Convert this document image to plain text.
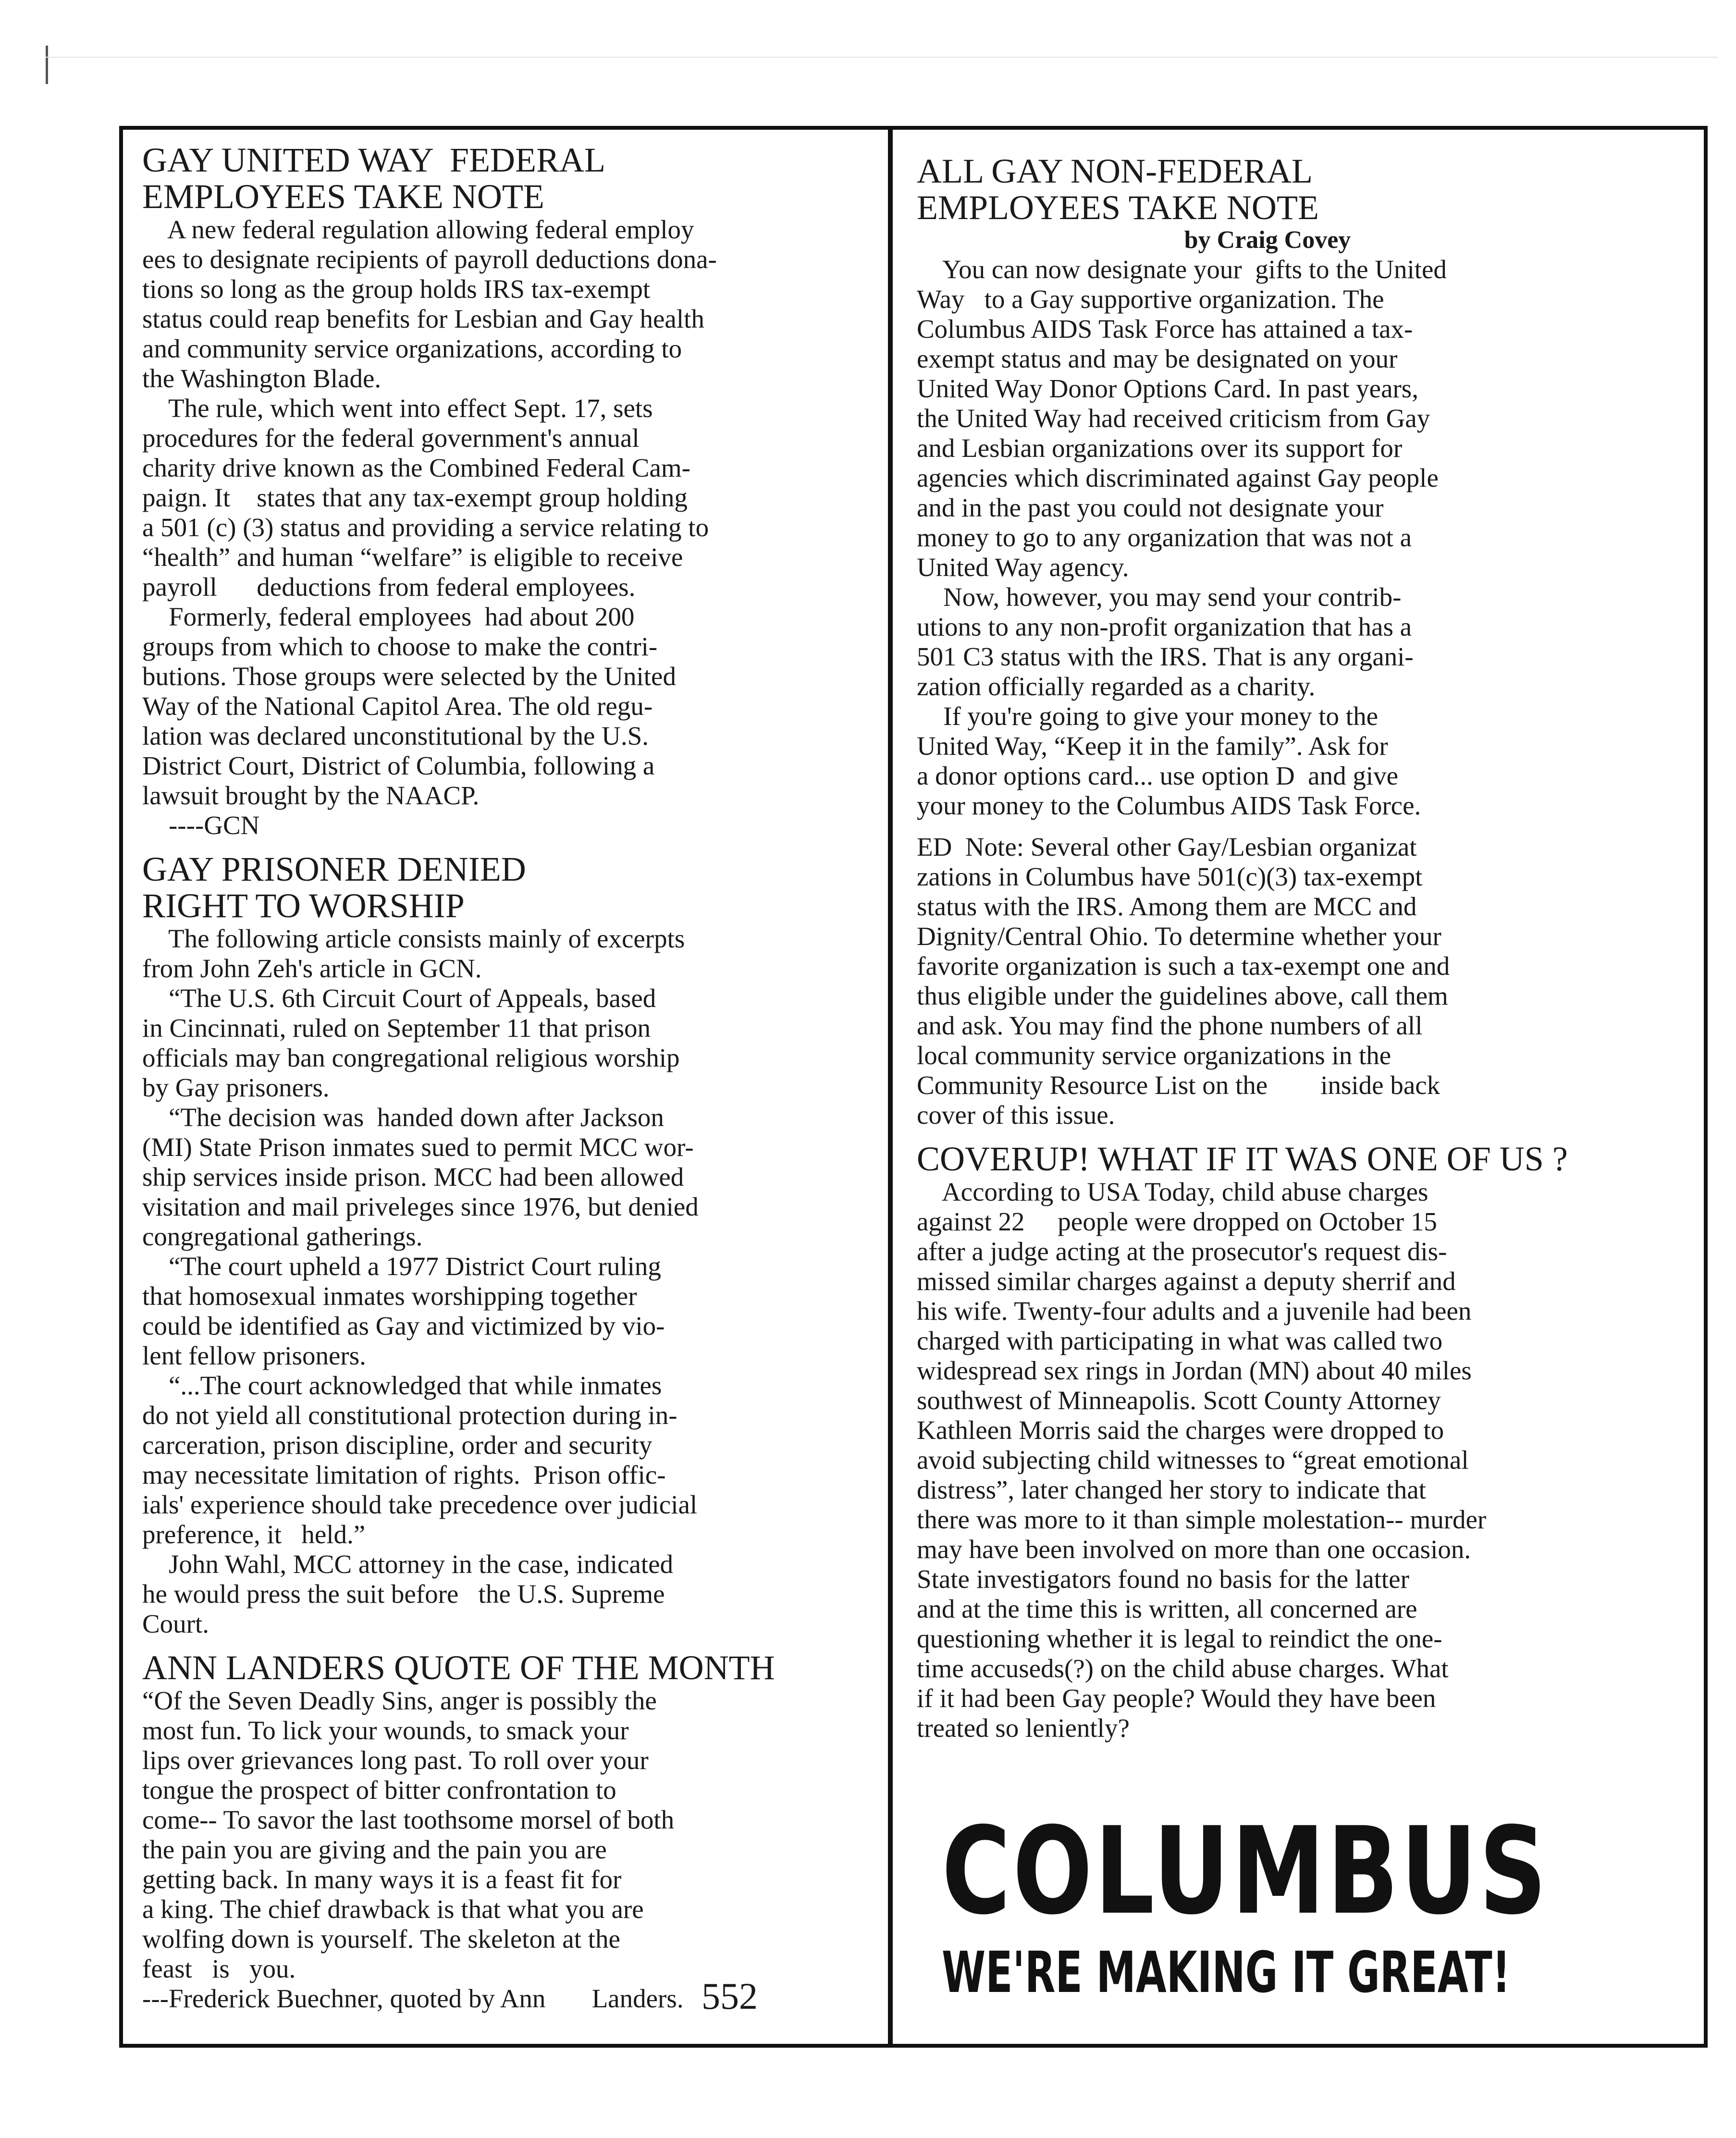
GAY UNITED WAY  FEDERAL
EMPLOYEES TAKE NOTE

A new federal regulation allowing federal employ
ees to designate recipients of payroll deductions dona-
tions so long as the group holds IRS tax-exempt
status could reap benefits for Lesbian and Gay health
and community service organizations, according to
the Washington Blade.

The rule, which went into effect Sept. 17, sets
procedures for the federal government's annual
charity drive known as the Combined Federal Cam-
paign. It    states that any tax-exempt group holding
a 501 (c) (3) status and providing a service relating to
“health” and human “welfare” is eligible to receive
payroll      deductions from federal employees.

Formerly, federal employees  had about 200
groups from which to choose to make the contri-
butions. Those groups were selected by the United
Way of the National Capitol Area. The old regu-
lation was declared unconstitutional by the U.S.
District Court, District of Columbia, following a
lawsuit brought by the NAACP.
----GCN

GAY PRISONER DENIED
RIGHT TO WORSHIP

The following article consists mainly of excerpts
from John Zeh's article in GCN.

“The U.S. 6th Circuit Court of Appeals, based
in Cincinnati, ruled on September 11 that prison
officials may ban congregational religious worship
by Gay prisoners.

“The decision was  handed down after Jackson
(MI) State Prison inmates sued to permit MCC wor-
ship services inside prison. MCC had been allowed
visitation and mail priveleges since 1976, but denied
congregational gatherings.

“The court upheld a 1977 District Court ruling
that homosexual inmates worshipping together
could be identified as Gay and victimized by vio-
lent fellow prisoners.

“...The court acknowledged that while inmates
do not yield all constitutional protection during in-
carceration, prison discipline, order and security
may necessitate limitation of rights.  Prison offic-
ials' experience should take precedence over judicial
preference, it   held.”

John Wahl, MCC attorney in the case, indicated
he would press the suit before   the U.S. Supreme
Court.

ANN LANDERS QUOTE OF THE MONTH

“Of the Seven Deadly Sins, anger is possibly the
most fun. To lick your wounds, to smack your
lips over grievances long past. To roll over your
tongue the prospect of bitter confrontation to
come-- To savor the last toothsome morsel of both
the pain you are giving and the pain you are
getting back. In many ways it is a feast fit for
a king. The chief drawback is that what you are
wolfing down is yourself. The skeleton at the
feast   is   you.
---Frederick Buechner, quoted by Ann       Landers.

ALL GAY NON-FEDERAL
EMPLOYEES TAKE NOTE
by Craig Covey

You can now designate your  gifts to the United
Way   to a Gay supportive organization. The
Columbus AIDS Task Force has attained a tax-
exempt status and may be designated on your
United Way Donor Options Card. In past years,
the United Way had received criticism from Gay
and Lesbian organizations over its support for
agencies which discriminated against Gay people
and in the past you could not designate your
money to go to any organization that was not a
United Way agency.

Now, however, you may send your contrib-
utions to any non-profit organization that has a
501 C3 status with the IRS. That is any organi-
zation officially regarded as a charity.

If you're going to give your money to the
United Way, “Keep it in the family”. Ask for
a donor options card... use option D  and give
your money to the Columbus AIDS Task Force.

ED  Note: Several other Gay/Lesbian organizat
zations in Columbus have 501(c)(3) tax-exempt
status with the IRS. Among them are MCC and
Dignity/Central Ohio. To determine whether your
favorite organization is such a tax-exempt one and
thus eligible under the guidelines above, call them
and ask. You may find the phone numbers of all
local community service organizations in the
Community Resource List on the        inside back
cover of this issue.

COVERUP! WHAT IF IT WAS ONE OF US ?

According to USA Today, child abuse charges
against 22     people were dropped on October 15
after a judge acting at the prosecutor's request dis-
missed similar charges against a deputy sherrif and
his wife. Twenty-four adults and a juvenile had been
charged with participating in what was called two
widespread sex rings in Jordan (MN) about 40 miles
southwest of Minneapolis. Scott County Attorney
Kathleen Morris said the charges were dropped to
avoid subjecting child witnesses to “great emotional
distress”, later changed her story to indicate that
there was more to it than simple molestation-- murder
may have been involved on more than one occasion.
State investigators found no basis for the latter
and at the time this is written, all concerned are
questioning whether it is legal to reindict the one-
time accuseds(?) on the child abuse charges. What
if it had been Gay people? Would they have been
treated so leniently?

552
COLUMBUS
WE'RE MAKING IT GREAT!
